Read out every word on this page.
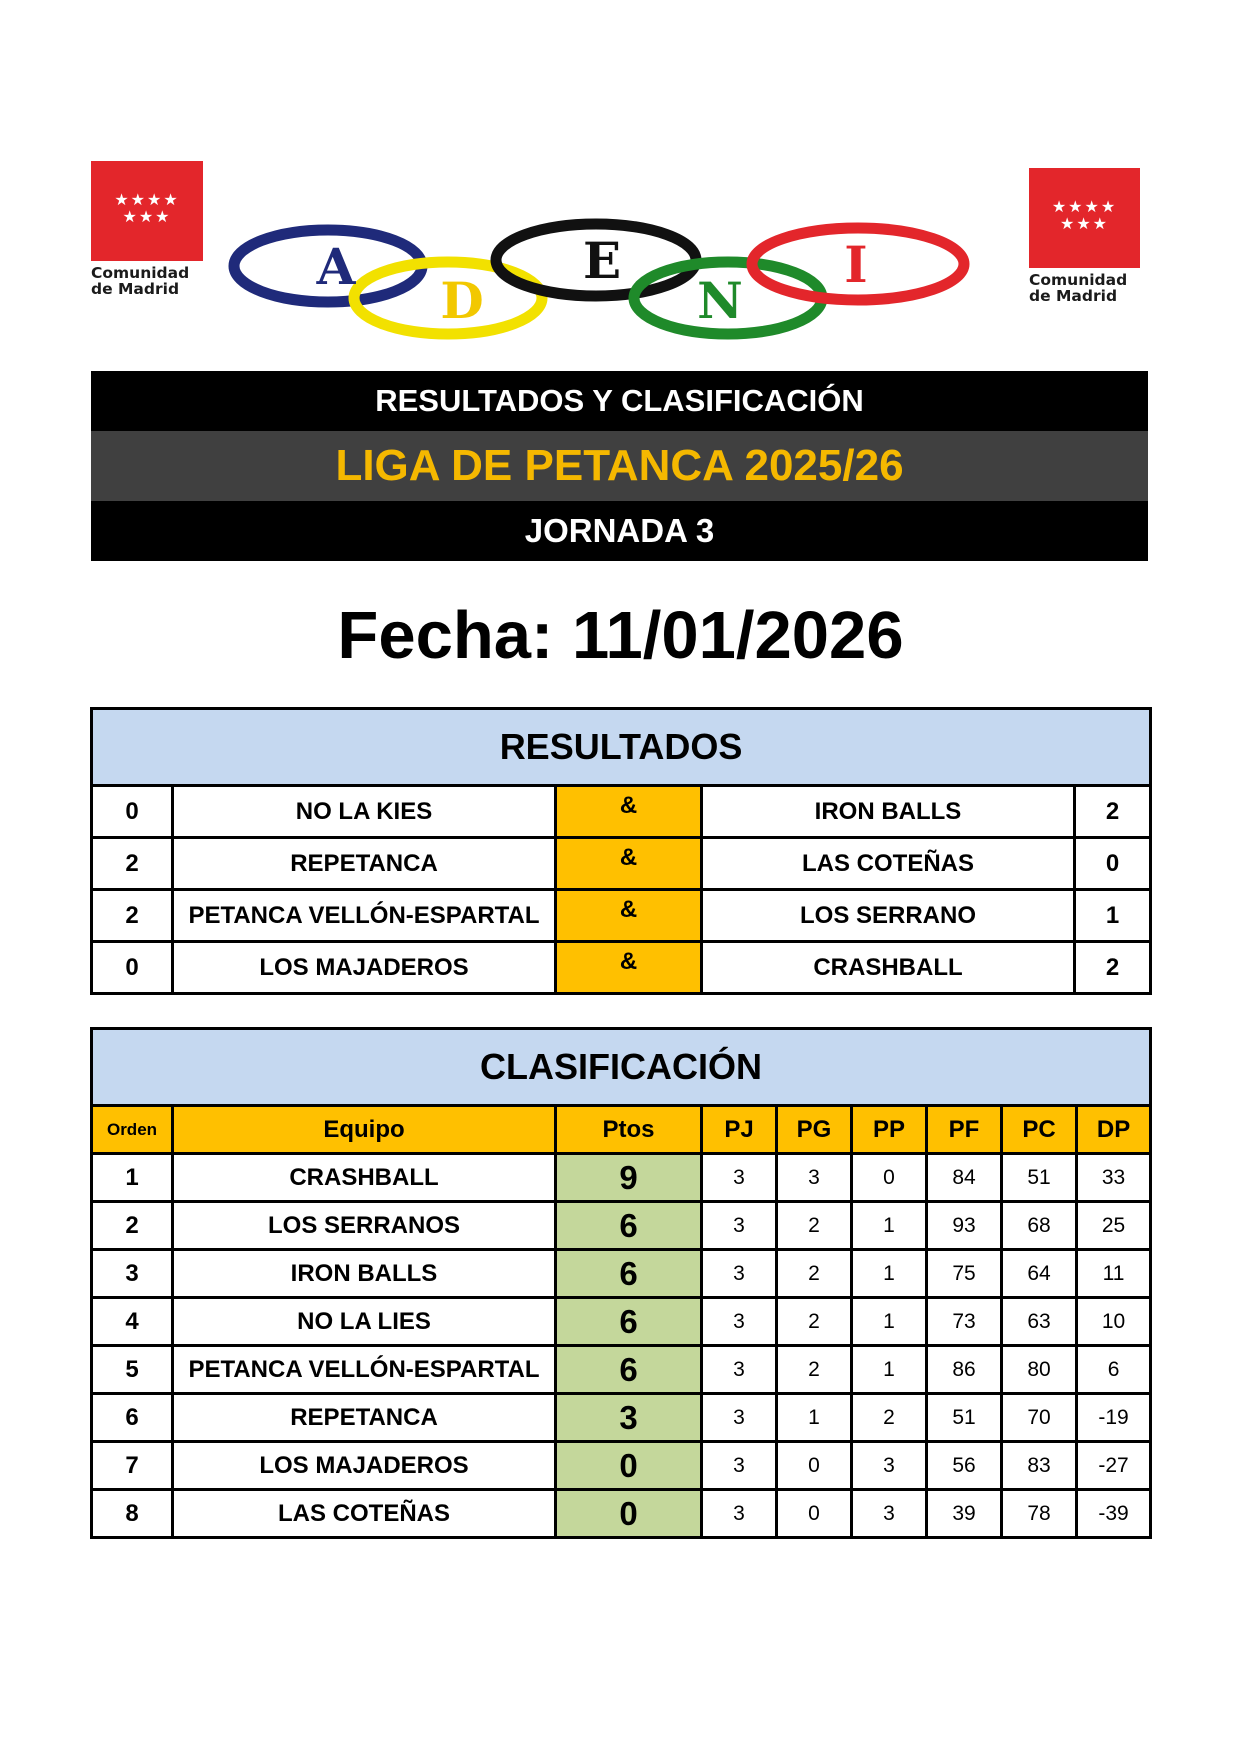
★★★★
★★★
Comunidad
de Madrid	A
D
E
N
I
★★★★
★★★
Comunidad
de Madrid
RESULTADOS Y CLASIFICACIÓN
LIGA DE PETANCA 2025/26
JORNADA 3
Fecha: 11/01/2026
RESULTADOS				
0	NO LA KIES	&	IRON BALLS	2
2	REPETANCA	&	LAS COTEÑAS	0
2	PETANCA VELLÓN-ESPARTAL	&	LOS SERRANO	1
0	LOS MAJADEROS	&	CRASHBALL	2
CLASIFICACIÓN								
Orden	Equipo	Ptos	PJ	PG	PP	PF	PC	DP
1	CRASHBALL	9	3	3	0	84	51	33
2	LOS SERRANOS	6	3	2	1	93	68	25
3	IRON BALLS	6	3	2	1	75	64	11
4	NO LA LIES	6	3	2	1	73	63	10
5	PETANCA VELLÓN-ESPARTAL	6	3	2	1	86	80	6
6	REPETANCA	3	3	1	2	51	70	-19
7	LOS MAJADEROS	0	3	0	3	56	83	-27
8	LAS COTEÑAS	0	3	0	3	39	78	-39
